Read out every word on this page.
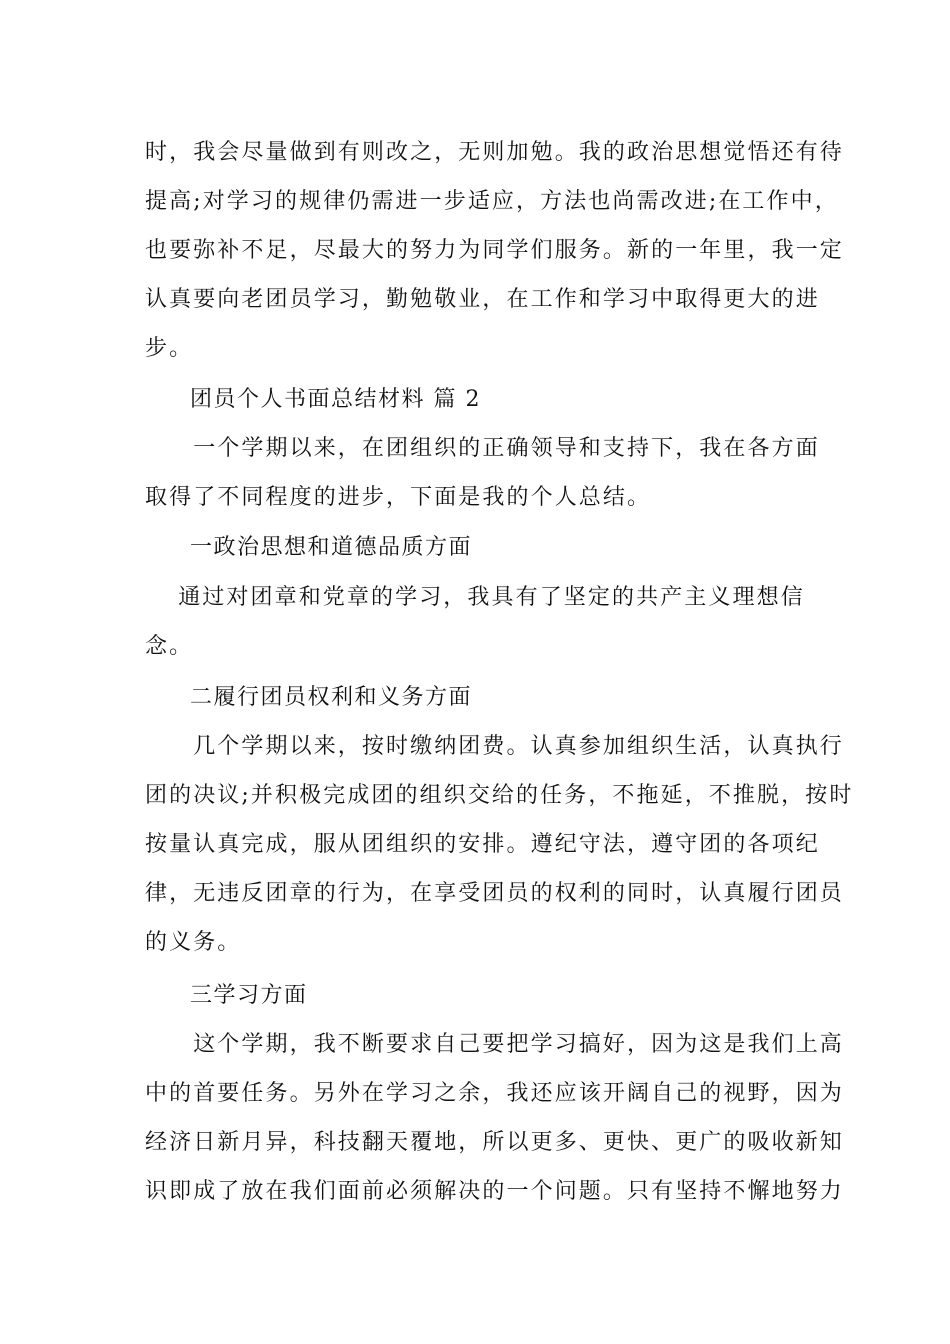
时，我会尽量做到有则改之，无则加勉。我的政治思想觉悟还有待
提高;对学习的规律仍需进一步适应，方法也尚需改进;在工作中，
也要弥补不足，尽最大的努力为同学们服务。新的一年里，我一定
认真要向老团员学习，勤勉敬业，在工作和学习中取得更大的进
步。
团员个人书面总结材料 篇 2
　　一个学期以来，在团组织的正确领导和支持下，我在各方面
取得了不同程度的进步，下面是我的个人总结。
一政治思想和道德品质方面
　 通过对团章和党章的学习，我具有了坚定的共产主义理想信
念。
二履行团员权利和义务方面
　　几个学期以来，按时缴纳团费。认真参加组织生活，认真执行
团的决议;并积极完成团的组织交给的任务，不拖延，不推脱，按时
按量认真完成，服从团组织的安排。遵纪守法，遵守团的各项纪
律，无违反团章的行为，在享受团员的权利的同时，认真履行团员
的义务。
三学习方面
　　这个学期，我不断要求自己要把学习搞好，因为这是我们上高
中的首要任务。另外在学习之余，我还应该开阔自己的视野，因为
经济日新月异，科技翻天覆地，所以更多、更快、更广的吸收新知
识即成了放在我们面前必须解决的一个问题。只有坚持不懈地努力
